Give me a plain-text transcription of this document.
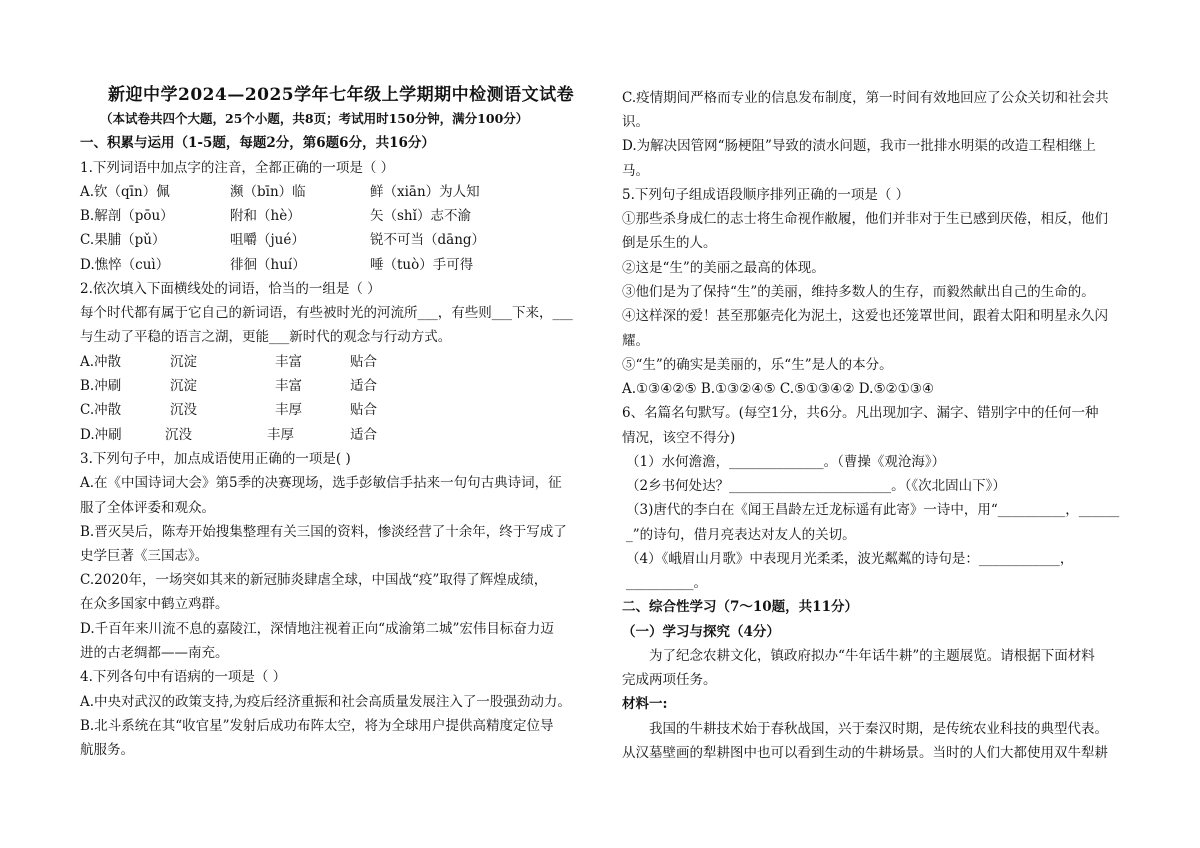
新迎中学2024—2025学年七年级上学期期中检测语文试卷
（本试卷共四个大题，25个小题，共8页；考试用时150分钟，满分100分）
一、积累与运用（1-5题，每题2分，第6题6分，共16分）
1.下列词语中加点字的注音，全都正确的一项是（ ）
A.钦（qīn）佩	濒（bīn）临	鲜（xiān）为人知
B.解剖（pōu）	附和（hè）	矢（shǐ）志不渝
C.果脯（pǔ）	咀嚼（jué）	锐不可当（dāng）
D.憔悴（cuì）	徘徊（huí）	唾（tuò）手可得
2.依次填入下面横线处的词语，恰当的一组是（ ）
每个时代都有属于它自己的新词语，有些被时光的河流所___，有些则___下来，___
与生动了平稳的语言之湖，更能___新时代的观念与行动方式。
A.冲散	沉淀	丰富	贴合
B.冲刷	沉淀	丰富	适合
C.冲散	沉没	丰厚	贴合
D.冲刷	沉没	丰厚	适合
3.下列句子中，加点成语使用正确的一项是( )
A.在《中国诗词大会》第5季的决赛现场，选手彭敏信手拈来一句句古典诗词，征
服了全体评委和观众。
B.晋灭吴后，陈寿开始搜集整理有关三国的资料，惨淡经营了十余年，终于写成了
史学巨著《三国志》。
C.2020年，一场突如其来的新冠肺炎肆虐全球，中国战“疫”取得了辉煌成绩，
在众多国家中鹤立鸡群。
D.千百年来川流不息的嘉陵江，深情地注视着正向“成渝第二城”宏伟目标奋力迈
进的古老绸都——南充。
4.下列各句中有语病的一项是（ ）
A.中央对武汉的政策支持,为疫后经济重振和社会高质量发展注入了一股强劲动力。
B.北斗系统在其“收官星”发射后成功布阵太空，将为全球用户提供高精度定位导
航服务。
C.疫情期间严格而专业的信息发布制度，第一时间有效地回应了公众关切和社会共
识。
D.为解决因管网“肠梗阻”导致的渍水问题，我市一批排水明渠的改造工程相继上
马。
5.下列句子组成语段顺序排列正确的一项是（ ）
①那些杀身成仁的志士将生命视作敝履，他们并非对于生已感到厌倦，相反，他们
倒是乐生的人。
②这是“生”的美丽之最高的体现。
③他们是为了保持“生”的美丽，维持多数人的生存，而毅然献出自己的生命的。
④这样深的爱！甚至那躯壳化为泥土，这爱也还笼罩世间，跟着太阳和明星永久闪
耀。
⑤“生”的确实是美丽的，乐“生”是人的本分。
A.①③④②⑤ B.①③②④⑤ C.⑤①③④② D.⑤②①③④
6、名篇名句默写。(每空1分，共6分。凡出现加字、漏字、错别字中的任何一种
情况，该空不得分)
（1）水何澹澹，______________。（曹操《观沧海》）
（2乡书何处达？________________________。（《次北固山下》）
（3)唐代的李白在《闻王昌龄左迁龙标遥有此寄》一诗中，用“__________，______
_”的诗句，借月亮表达对友人的关切。
（4）《峨眉山月歌》中表现月光柔柔，波光粼粼的诗句是：____________，
__________。
二、综合性学习（7～10题，共11分）
（一）学习与探究（4分）
为了纪念农耕文化，镇政府拟办“牛年话牛耕”的主题展览。请根据下面材料
完成两项任务。
材料一:
我国的牛耕技术始于春秋战国，兴于秦汉时期，是传统农业科技的典型代表。
从汉墓壁画的犁耕图中也可以看到生动的牛耕场景。当时的人们大都使用双牛犁耕
